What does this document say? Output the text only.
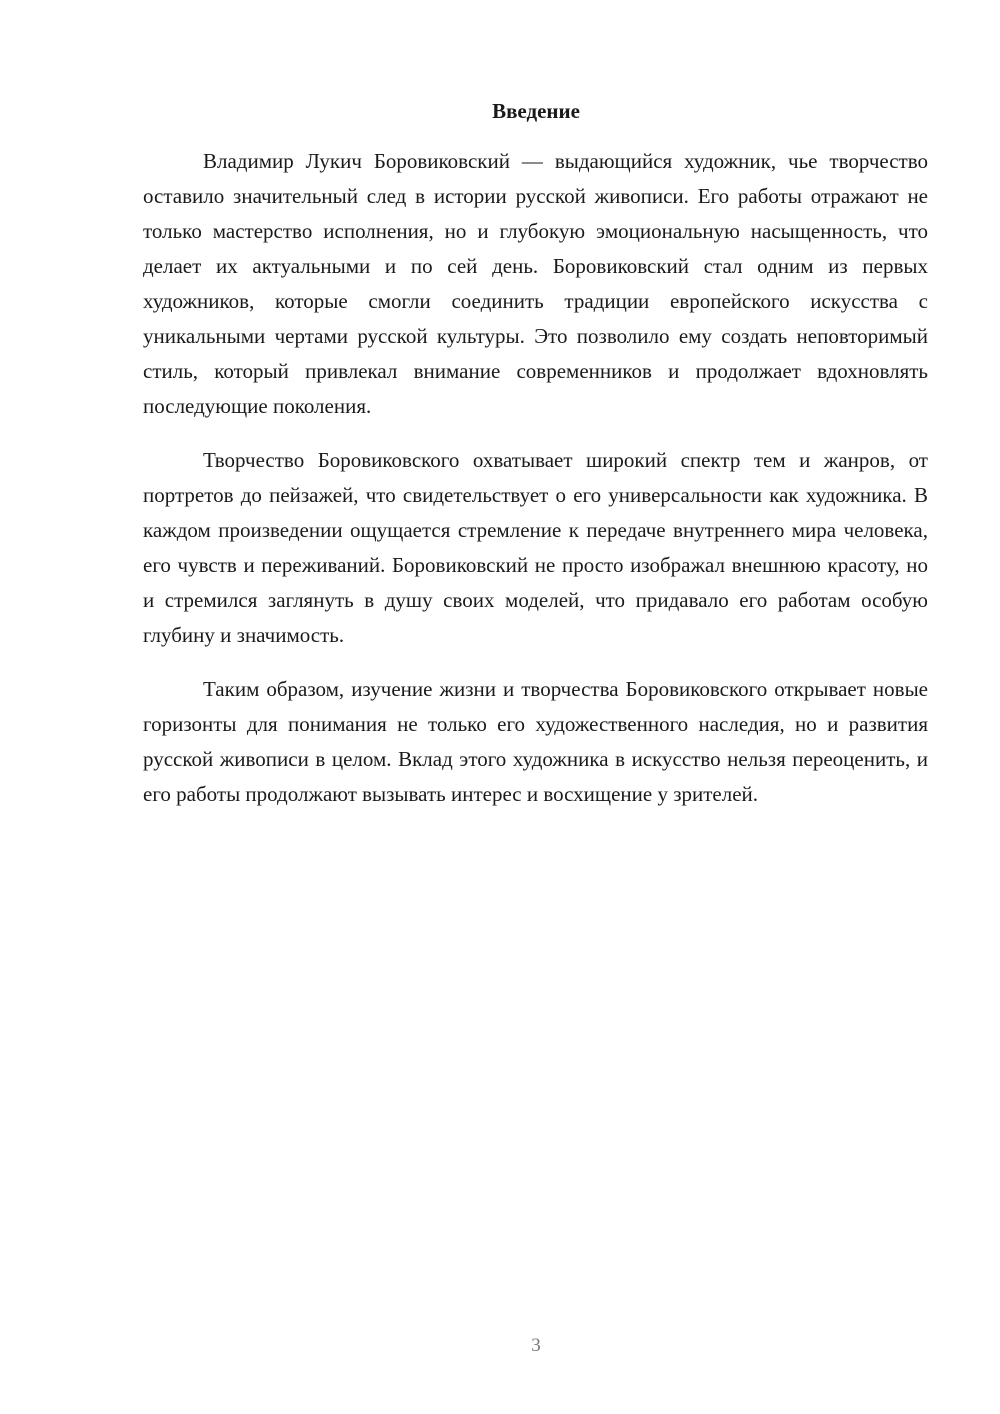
Введение

Владимир Лукич Боровиковский — выдающийся художник, чье творчество оставило значительный след в истории русской живописи. Его работы отражают не только мастерство исполнения, но и глубокую эмоциональную насыщенность, что делает их актуальными и по сей день. Боровиковский стал одним из первых художников, которые смогли соединить традиции европейского искусства с уникальными чертами русской культуры. Это позволило ему создать неповторимый стиль, который привлекал внимание современников и продолжает вдохновлять последующие поколения.

Творчество Боровиковского охватывает широкий спектр тем и жанров, от портретов до пейзажей, что свидетельствует о его универсальности как художника. В каждом произведении ощущается стремление к передаче внутреннего мира человека, его чувств и переживаний. Боровиковский не просто изображал внешнюю красоту, но и стремился заглянуть в душу своих моделей, что придавало его работам особую глубину и значимость.

Таким образом, изучение жизни и творчества Боровиковского открывает новые горизонты для понимания не только его художественного наследия, но и развития русской живописи в целом. Вклад этого художника в искусство нельзя переоценить, и его работы продолжают вызывать интерес и восхищение у зрителей.

3
